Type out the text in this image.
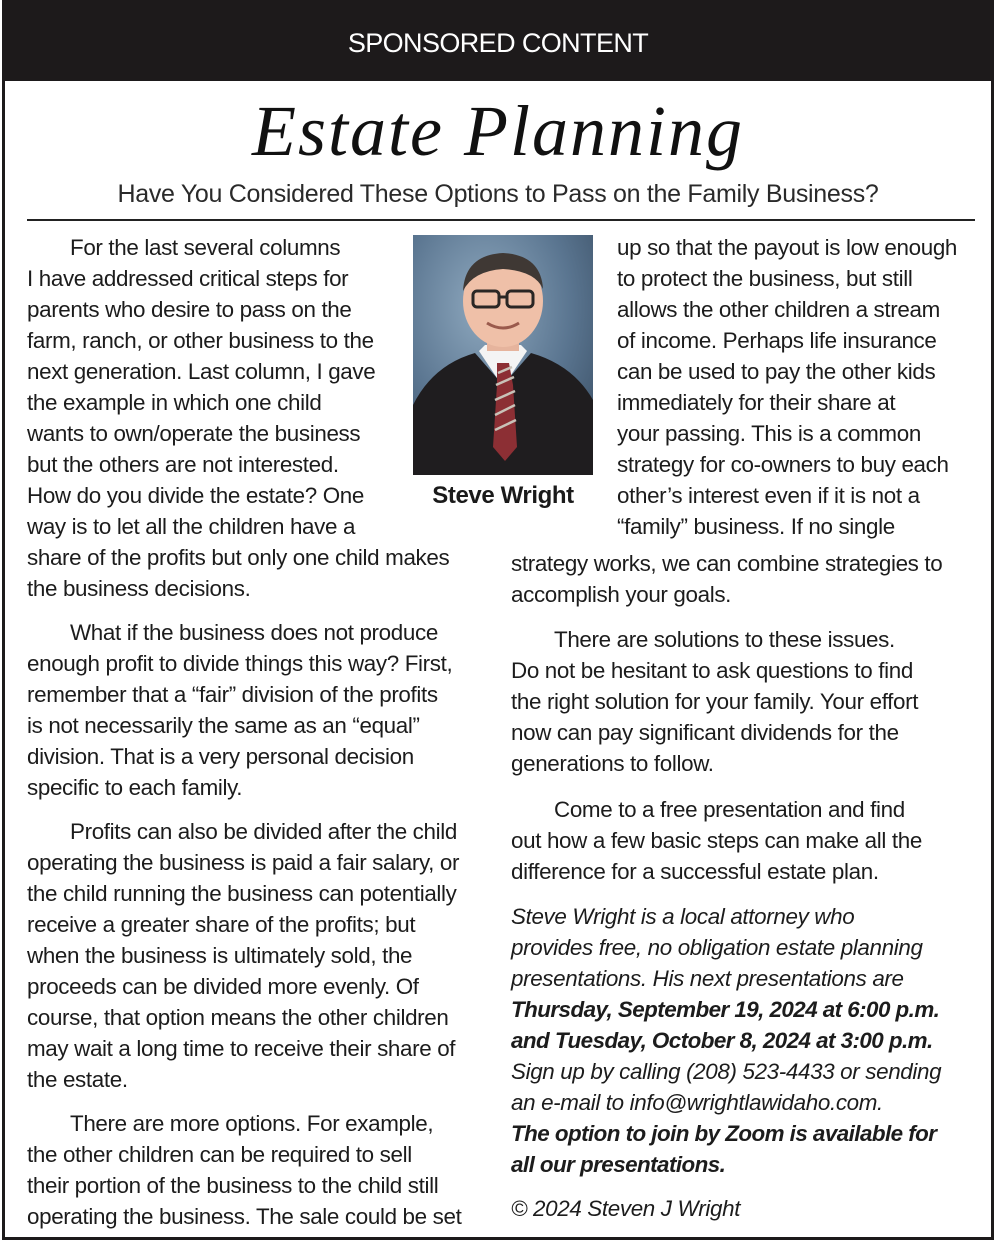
SPONSORED CONTENT
Estate Planning
Have You Considered These Options to Pass on the Family Business?
Steve Wright
For the last several columns
I have addressed critical steps for
parents who desire to pass on the
farm, ranch, or other business to the
next generation. Last column, I gave
the example in which one child
wants to own/operate the business
but the others are not interested.
How do you divide the estate? One
way is to let all the children have a
share of the profits but only one child makes
the business decisions.
What if the business does not produce
enough profit to divide things this way? First,
remember that a “fair” division of the profits
is not necessarily the same as an “equal”
division. That is a very personal decision
specific to each family.
Profits can also be divided after the child
operating the business is paid a fair salary, or
the child running the business can potentially
receive a greater share of the profits; but
when the business is ultimately sold, the
proceeds can be divided more evenly. Of
course, that option means the other children
may wait a long time to receive their share of
the estate.
There are more options. For example,
the other children can be required to sell
their portion of the business to the child still
operating the business. The sale could be set
up so that the payout is low enough
to protect the business, but still
allows the other children a stream
of income. Perhaps life insurance
can be used to pay the other kids
immediately for their share at
your passing. This is a common
strategy for co-owners to buy each
other’s interest even if it is not a
“family” business. If no single
strategy works, we can combine strategies to
accomplish your goals.
There are solutions to these issues.
Do not be hesitant to ask questions to find
the right solution for your family. Your effort
now can pay significant dividends for the
generations to follow.
Come to a free presentation and find
out how a few basic steps can make all the
difference for a successful estate plan.
Steve Wright is a local attorney who
provides free, no obligation estate planning
presentations. His next presentations are
Thursday, September 19, 2024 at 6:00 p.m.
and Tuesday, October 8, 2024 at 3:00 p.m.
Sign up by calling (208) 523-4433 or sending
an e-mail to info@wrightlawidaho.com.
The option to join by Zoom is available for
all our presentations.
© 2024 Steven J Wright
